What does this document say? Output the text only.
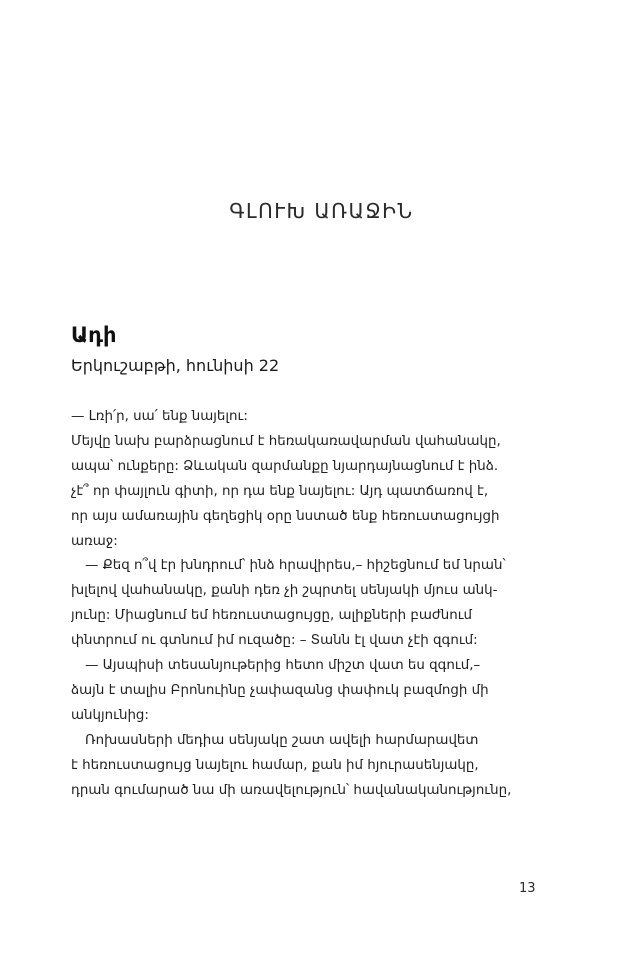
ԳԼՈՒԽ ԱՌԱՋԻՆ
Ադի
Երկուշաբթի, հունիսի 22
— Լռի՛ր, սա՛ ենք նայելու:
Մեյվը նախ բարձրացնում է հեռակառավարման վահանակը,
ապա՝ ունքերը: Ձևական զարմանքը նյարդայնացնում է ինձ.
չէ՞ որ փայլուն գիտի, որ դա ենք նայելու: Այդ պատճառով է,
որ այս ամառային գեղեցիկ օրը նստած ենք հեռուստացույցի
առաջ:
— Քեզ ո՞վ էր խնդրում՝ ինձ հրավիրես,– հիշեցնում եմ նրան՝
խլելով վահանակը, քանի դեռ չի շպրտել սենյակի մյուս անկ-
յունը: Միացնում եմ հեռուստացույցը, ալիքների բաժնում
փնտրում ու գտնում իմ ուզածը: – Տանն էլ վատ չէի զգում:
— Այսպիսի տեսանյութերից հետո միշտ վատ ես զգում,–
ձայն է տալիս Բրոնուինը չափազանց փափուկ բազմոցի մի
անկյունից:
Ռոխասների մեդիա սենյակը շատ ավելի հարմարավետ
է հեռուստացույց նայելու համար, քան իմ հյուրասենյակը,
դրան գումարած նա մի առավելություն՝ հավանականությունը,
13
